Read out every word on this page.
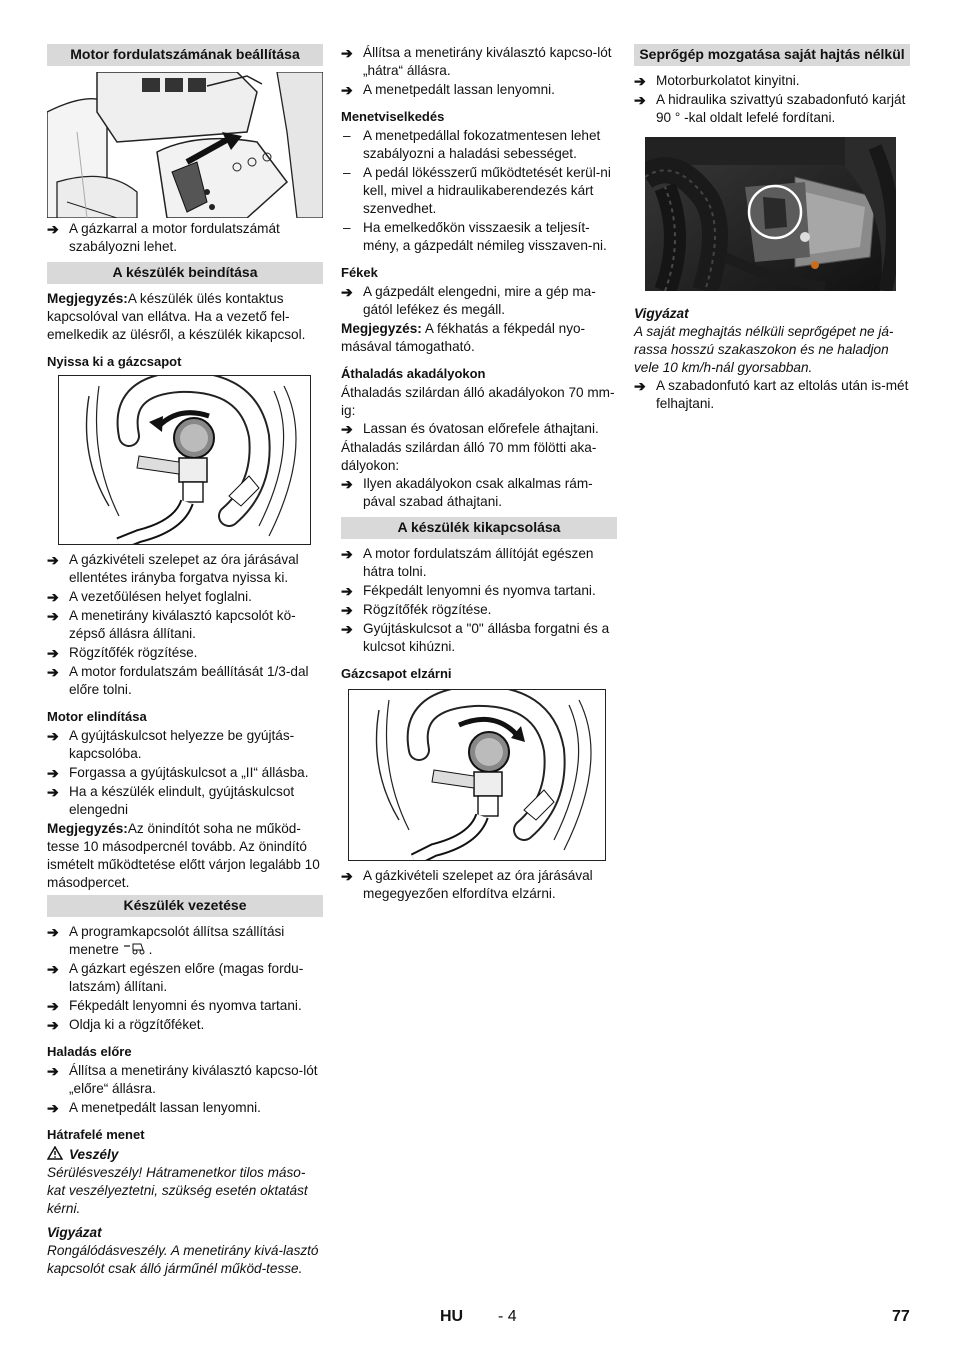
Motor fordulatszámának beállítása
➔ A gázkarral a motor fordulatszámát szabályozni lehet.
A készülék beindítása

Megjegyzés:A készülék ülés kontaktus kapcsolóval van ellátva. Ha a vezető fel-emelkedik az ülésről, a készülék kikapcsol.

Nyissa ki a gázcsapot
➔ A gázkivételi szelepet az óra járásával ellentétes irányba forgatva nyissa ki.
➔ A vezetőülésen helyet foglalni.
➔ A menetirány kiválasztó kapcsolót kö-zépső állásra állítani.
➔ Rögzítőfék rögzítése.
➔ A motor fordulatszám beállítását 1/3-dal előre tolni.
Motor elindítása
➔ A gyújtáskulcsot helyezze be gyújtás-kapcsolóba.
➔ Forgassa a gyújtáskulcsot a „II“ állásba.
➔ Ha a készülék elindult, gyújtáskulcsot elengedni

Megjegyzés:Az önindítót soha ne működ-tesse 10 másodpercnél tovább. Az önindító ismételt működtetése előtt várjon legalább 10 másodpercet.

Készülék vezetése
➔ A programkapcsolót állítsa szállítási menetre .
➔ A gázkart egészen előre (magas fordu-latszám) állítani.
➔ Fékpedált lenyomni és nyomva tartani.
➔ Oldja ki a rögzítőféket.
Haladás előre
➔ Állítsa a menetirány kiválasztó kapcso-lót „előre“ állásra.
➔ A menetpedált lassan lenyomni.
Hátrafelé menet
Veszély

Sérülésveszély! Hátramenetkor tilos máso-kat veszélyeztetni, szükség esetén oktatást kérni.

Vigyázat

Rongálódásveszély. A menetirány kivá-lasztó kapcsolót csak álló járműnél működ-tesse.

➔ Állítsa a menetirány kiválasztó kapcso-lót „hátra“ állásra.
➔ A menetpedált lassan lenyomni.
Menetviselkedés
– A menetpedállal fokozatmentesen lehet szabályozni a haladási sebességet.
– A pedál lökésszerű működtetését kerül-ni kell, mivel a hidraulikaberendezés kárt szenvedhet.
– Ha emelkedőkön visszaesik a teljesít-mény, a gázpedált némileg visszaven-ni.
Fékek
➔ A gázpedált elengedni, mire a gép ma-gától lefékez és megáll.

Megjegyzés: A fékhatás a fékpedál nyo-másával támogatható.

Áthaladás akadályokon

Áthaladás szilárdan álló akadályokon 70 mm-ig:

➔ Lassan és óvatosan előrefele áthajtani.

Áthaladás szilárdan álló 70 mm fölötti aka-dályokon:

➔ Ilyen akadályokon csak alkalmas rám-pával szabad áthajtani.
A készülék kikapcsolása
➔ A motor fordulatszám állítóját egészen hátra tolni.
➔ Fékpedált lenyomni és nyomva tartani.
➔ Rögzítőfék rögzítése.
➔ Gyújtáskulcsot a "0" állásba forgatni és a kulcsot kihúzni.
Gázcsapot elzárni
➔ A gázkivételi szelepet az óra járásával megegyezően elfordítva elzárni.
Seprőgép mozgatása saját hajtás nélkül
➔ Motorburkolatot kinyitni.
➔ A hidraulika szivattyú szabadonfutó karját 90 ° -kal oldalt lefelé fordítani.
Vigyázat

A saját meghajtás nélküli seprőgépet ne já-rassa hosszú szakaszokon és ne haladjon vele 10 km/h-nál gyorsabban.

➔ A szabadonfutó kart az eltolás után is-mét felhajtani.
HU - 4	77
